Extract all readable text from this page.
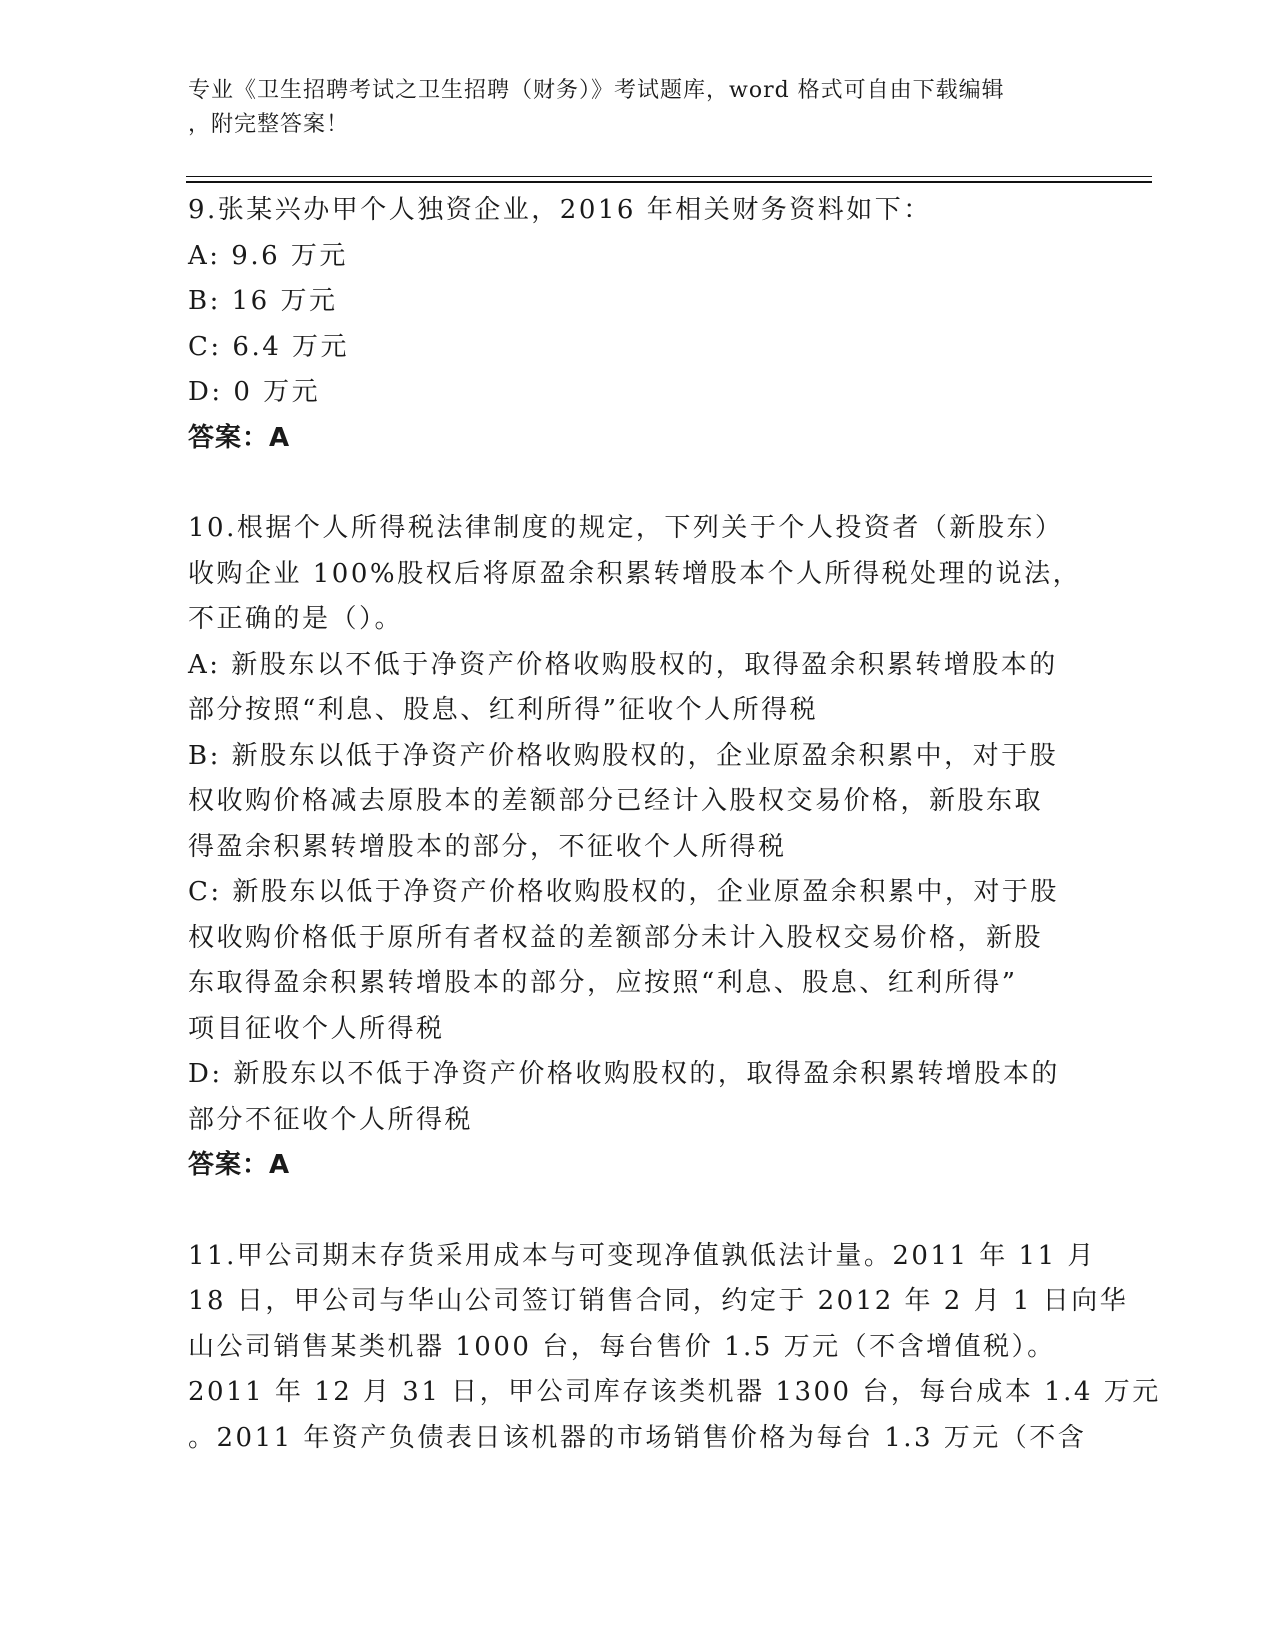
专业《卫生招聘考试之卫生招聘（财务）》考试题库，word 格式可自由下载编辑
，附完整答案！

9.张某兴办甲个人独资企业，2016 年相关财务资料如下：

A: 9.6 万元

B: 16 万元

C: 6.4 万元

D: 0 万元

答案：A

10.根据个人所得税法律制度的规定，下列关于个人投资者（新股东）

收购企业 100%股权后将原盈余积累转增股本个人所得税处理的说法，

不正确的是（）。

A: 新股东以不低于净资产价格收购股权的，取得盈余积累转增股本的

部分按照“利息、股息、红利所得”征收个人所得税

B: 新股东以低于净资产价格收购股权的，企业原盈余积累中，对于股

权收购价格减去原股本的差额部分已经计入股权交易价格，新股东取

得盈余积累转增股本的部分，不征收个人所得税

C: 新股东以低于净资产价格收购股权的，企业原盈余积累中，对于股

权收购价格低于原所有者权益的差额部分未计入股权交易价格，新股

东取得盈余积累转增股本的部分，应按照“利息、股息、红利所得”

项目征收个人所得税

D: 新股东以不低于净资产价格收购股权的，取得盈余积累转增股本的

部分不征收个人所得税

答案：A

11.甲公司期末存货采用成本与可变现净值孰低法计量。2011 年 11 月

18 日，甲公司与华山公司签订销售合同，约定于 2012 年 2 月 1 日向华

山公司销售某类机器 1000 台，每台售价 1.5 万元（不含增值税）。

2011 年 12 月 31 日，甲公司库存该类机器 1300 台，每台成本 1.4 万元

。2011 年资产负债表日该机器的市场销售价格为每台 1.3 万元（不含
